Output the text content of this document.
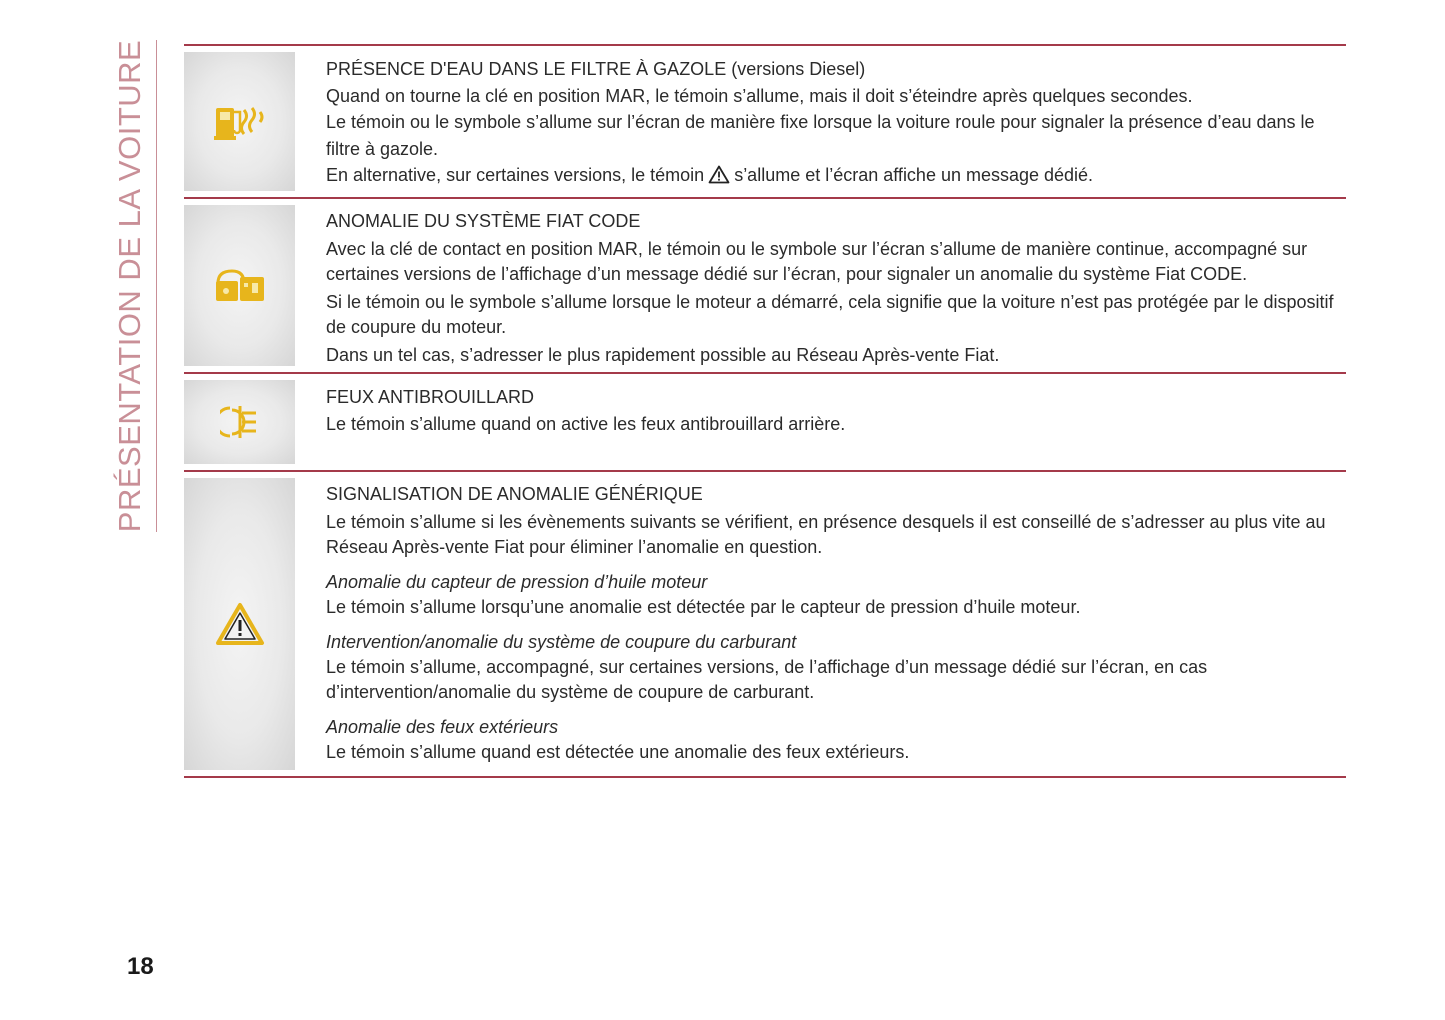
PRÉSENTATION DE LA VOITURE	PRÉSENCE D'EAU DANS LE FILTRE À GAZOLE (versions Diesel)

Quand on tourne la clé en position MAR, le témoin s’allume, mais il doit s’éteindre après quelques secondes.

Le témoin ou le symbole s’allume sur l’écran de manière fixe lorsque la voiture roule pour signaler la présence d’eau dans le filtre à gazole.

En alternative, sur certaines versions, le témoin s’allume et l’écran affiche un message dédié.

ANOMALIE DU SYSTÈME FIAT CODE

Avec la clé de contact en position MAR, le témoin ou le symbole sur l’écran s’allume de manière continue, accompagné sur certaines versions de l’affichage d’un message dédié sur l’écran, pour signaler un anomalie du système Fiat CODE.

Si le témoin ou le symbole s’allume lorsque le moteur a démarré, cela signifie que la voiture n’est pas protégée par le dispositif de coupure du moteur.

Dans un tel cas, s’adresser le plus rapidement possible au Réseau Après-vente Fiat.

FEUX ANTIBROUILLARD

Le témoin s’allume quand on active les feux antibrouillard arrière.

SIGNALISATION DE ANOMALIE GÉNÉRIQUE

Le témoin s’allume si les évènements suivants se vérifient, en présence desquels il est conseillé de s’adresser au plus vite au Réseau Après-vente Fiat pour éliminer l’anomalie en question.

Anomalie du capteur de pression d’huile moteur

Le témoin s’allume lorsqu’une anomalie est détectée par le capteur de pression d’huile moteur.

Intervention/anomalie du système de coupure du carburant

Le témoin s’allume, accompagné, sur certaines versions, de l’affichage d’un message dédié sur l’écran, en cas d’intervention/anomalie du système de coupure de carburant.

Anomalie des feux extérieurs

Le témoin s’allume quand est détectée une anomalie des feux extérieurs.

18
